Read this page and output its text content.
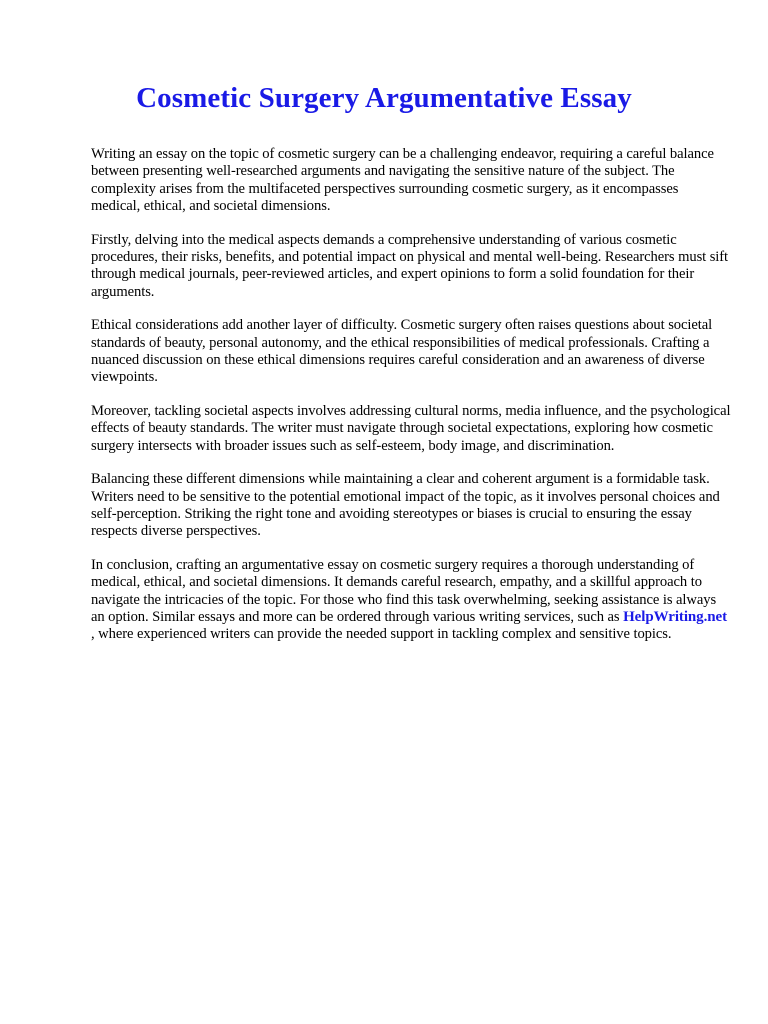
Cosmetic Surgery Argumentative Essay

Writing an essay on the topic of cosmetic surgery can be a challenging endeavor, requiring a careful balance between presenting well-researched arguments and navigating the sensitive nature of the subject. The complexity arises from the multifaceted perspectives surrounding cosmetic surgery, as it encompasses medical, ethical, and societal dimensions.

Firstly, delving into the medical aspects demands a comprehensive understanding of various cosmetic procedures, their risks, benefits, and potential impact on physical and mental well-being. Researchers must sift through medical journals, peer-reviewed articles, and expert opinions to form a solid foundation for their arguments.

Ethical considerations add another layer of difficulty. Cosmetic surgery often raises questions about societal standards of beauty, personal autonomy, and the ethical responsibilities of medical professionals. Crafting a nuanced discussion on these ethical dimensions requires careful consideration and an awareness of diverse viewpoints.

Moreover, tackling societal aspects involves addressing cultural norms, media influence, and the psychological effects of beauty standards. The writer must navigate through societal expectations, exploring how cosmetic surgery intersects with broader issues such as self-esteem, body image, and discrimination.

Balancing these different dimensions while maintaining a clear and coherent argument is a formidable task. Writers need to be sensitive to the potential emotional impact of the topic, as it involves personal choices and self-perception. Striking the right tone and avoiding stereotypes or biases is crucial to ensuring the essay respects diverse perspectives.

In conclusion, crafting an argumentative essay on cosmetic surgery requires a thorough understanding of medical, ethical, and societal dimensions. It demands careful research, empathy, and a skillful approach to navigate the intricacies of the topic. For those who find this task overwhelming, seeking assistance is always an option. Similar essays and more can be ordered through various writing services, such as HelpWriting.net , where experienced writers can provide the needed support in tackling complex and sensitive topics.
